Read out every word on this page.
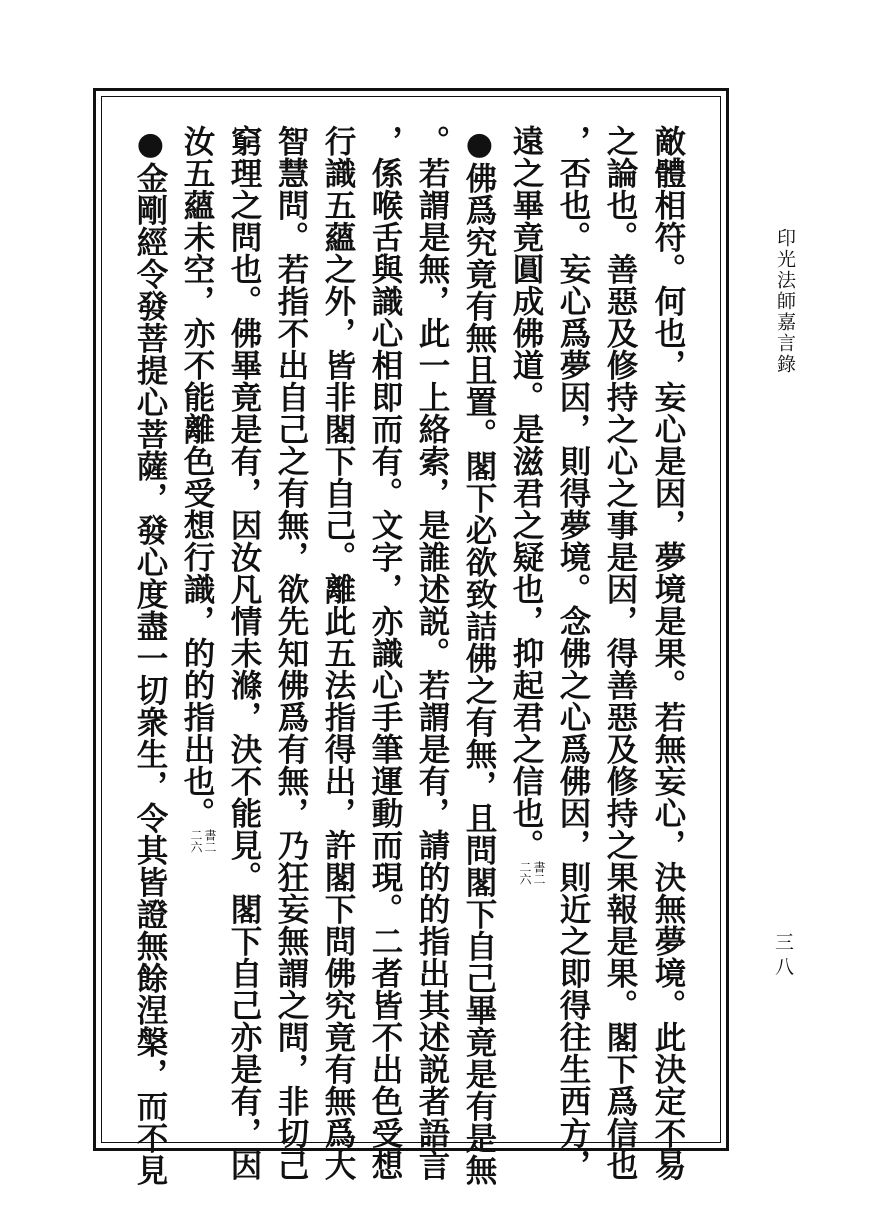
印光法師嘉言錄
三八
敵體相符。何也，妄心是因，夢境是果。若無妄心，決無夢境。此決定不易
之論也。善惡及修持之心之事是因，得善惡及修持之果報是果。閣下爲信也
，否也。妄心爲夢因，則得夢境。念佛之心爲佛因，則近之即得往生西方，
遠之畢竟圓成佛道。是滋君之疑也，抑起君之信也。
書二
二六
●佛爲究竟有無且置。閣下必欲致詰佛之有無，且問閣下自己畢竟是有是無
。若謂是無，此一上絡索，是誰述説。若謂是有，請的的指出其述説者語言
，係喉舌與識心相即而有。文字，亦識心手筆運動而現。二者皆不出色受想
行識五蘊之外，皆非閣下自己。離此五法指得出，許閣下問佛究竟有無爲大
智慧問。若指不出自己之有無，欲先知佛爲有無，乃狂妄無謂之問，非切己
窮理之問也。佛畢竟是有，因汝凡情未滌，決不能見。閣下自己亦是有，因
汝五蘊未空，亦不能離色受想行識，的的指出也。
書二
二六
●金剛經令發菩提心菩薩，發心度盡一切衆生，令其皆證無餘涅槃，而不見
